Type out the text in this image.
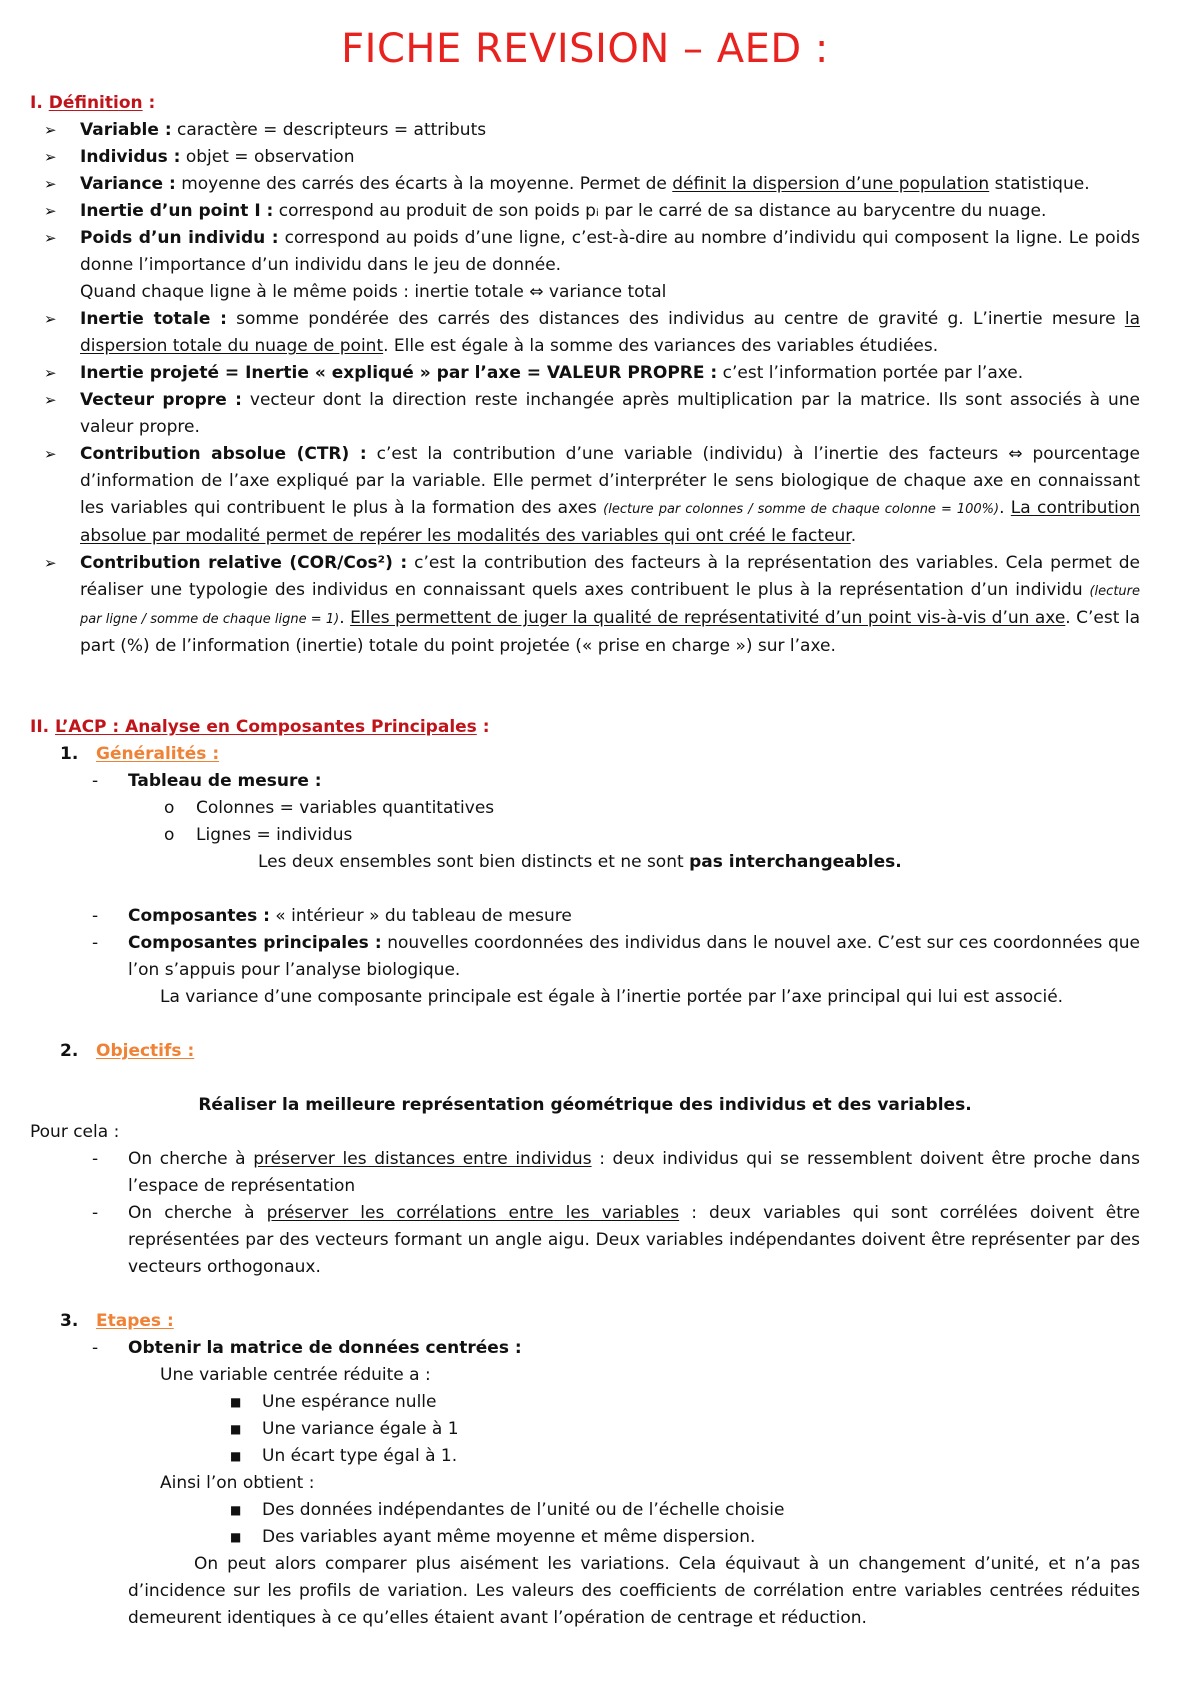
FICHE REVISION – AED :

I. Définition :

➢	Variable : caractère = descripteurs = attributs
➢	Individus : objet = observation
➢	Variance : moyenne des carrés des écarts à la moyenne. Permet de définit la dispersion d’une population statistique.
➢	Inertie d’un point I : correspond au produit de son poids pᵢ par le carré de sa distance au barycentre du nuage.
➢	Poids d’un individu : correspond au poids d’une ligne, c’est-à-dire au nombre d’individu qui composent la ligne. Le poids donne l’importance d’un individu dans le jeu de donnée.
Quand chaque ligne à le même poids : inertie totale ⇔ variance total
➢	Inertie totale : somme pondérée des carrés des distances des individus au centre de gravité g. L’inertie mesure la dispersion totale du nuage de point. Elle est égale à la somme des variances des variables étudiées.
➢	Inertie projeté = Inertie « expliqué » par l’axe = VALEUR PROPRE : c’est l’information portée par l’axe.
➢	Vecteur propre : vecteur dont la direction reste inchangée après multiplication par la matrice. Ils sont associés à une valeur propre.
➢	Contribution absolue (CTR) : c’est la contribution d’une variable (individu) à l’inertie des facteurs ⇔ pourcentage d’information de l’axe expliqué par la variable. Elle permet d’interpréter le sens biologique de chaque axe en connaissant les variables qui contribuent le plus à la formation des axes (lecture par colonnes / somme de chaque colonne = 100%). La contribution absolue par modalité permet de repérer les modalités des variables qui ont créé le facteur.
➢	Contribution relative (COR/Cos²) : c’est la contribution des facteurs à la représentation des variables. Cela permet de réaliser une typologie des individus en connaissant quels axes contribuent le plus à la représentation d’un individu (lecture par ligne / somme de chaque ligne = 1). Elles permettent de juger la qualité de représentativité d’un point vis-à-vis d’un axe. C’est la part (%) de l’information (inertie) totale du point projetée (« prise en charge ») sur l’axe.

II. L’ACP : Analyse en Composantes Principales :

1.	Généralités :
-	Tableau de mesure :
o	Colonnes = variables quantitatives
o	Lignes = individus
Les deux ensembles sont bien distincts et ne sont pas interchangeables.
-	Composantes : « intérieur » du tableau de mesure
-	Composantes principales : nouvelles coordonnées des individus dans le nouvel axe. C’est sur ces coordonnées que l’on s’appuis pour l’analyse biologique.
La variance d’une composante principale est égale à l’inertie portée par l’axe principal qui lui est associé.
2.	Objectifs :
Réaliser la meilleure représentation géométrique des individus et des variables.
Pour cela :
-	On cherche à préserver les distances entre individus : deux individus qui se ressemblent doivent être proche dans l’espace de représentation
-	On cherche à préserver les corrélations entre les variables : deux variables qui sont corrélées doivent être représentées par des vecteurs formant un angle aigu. Deux variables indépendantes doivent être représenter par des vecteurs orthogonaux.
3.	Etapes :
-	Obtenir la matrice de données centrées :
Une variable centrée réduite a :
■	Une espérance nulle
■	Une variance égale à 1
■	Un écart type égal à 1.
Ainsi l’on obtient :
■	Des données indépendantes de l’unité ou de l’échelle choisie
■	Des variables ayant même moyenne et même dispersion.
On peut alors comparer plus aisément les variations. Cela équivaut à un changement d’unité, et n’a pas d’incidence sur les profils de variation. Les valeurs des coefficients de corrélation entre variables centrées réduites demeurent identiques à ce qu’elles étaient avant l’opération de centrage et réduction.
